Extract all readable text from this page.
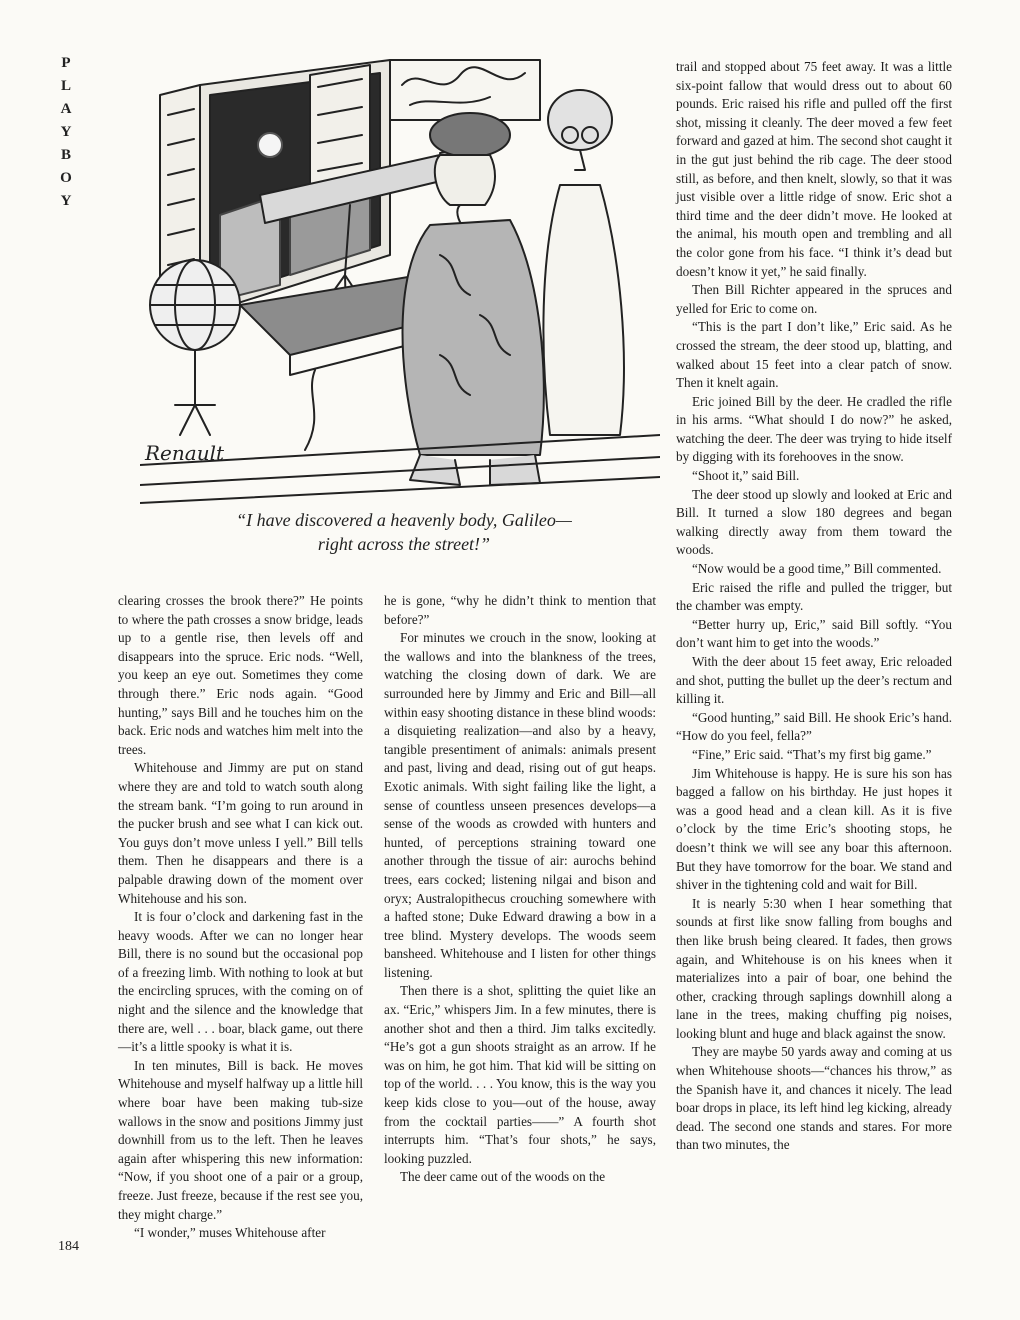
P
L
A
Y
B
O
Y
Renault
“I have discovered a heavenly body, Galileo—
right across the street!”

clearing crosses the brook there?” He points to where the path crosses a snow bridge, leads up to a gentle rise, then levels off and disappears into the spruce. Eric nods. “Well, you keep an eye out. Sometimes they come through there.” Eric nods again. “Good hunting,” says Bill and he touches him on the back. Eric nods and watches him melt into the trees.

Whitehouse and Jimmy are put on stand where they are and told to watch south along the stream bank. “I’m going to run around in the pucker brush and see what I can kick out. You guys don’t move unless I yell.” Bill tells them. Then he disappears and there is a palpable drawing down of the moment over Whitehouse and his son.

It is four o’clock and darkening fast in the heavy woods. After we can no longer hear Bill, there is no sound but the occasional pop of a freezing limb. With nothing to look at but the encircling spruces, with the coming on of night and the silence and the knowledge that there are, well . . . boar, black game, out there—it’s a little spooky is what it is.

In ten minutes, Bill is back. He moves Whitehouse and myself halfway up a little hill where boar have been making tub-size wallows in the snow and positions Jimmy just downhill from us to the left. Then he leaves again after whispering this new information: “Now, if you shoot one of a pair or a group, freeze. Just freeze, because if the rest see you, they might charge.”

“I wonder,” muses Whitehouse after

he is gone, “why he didn’t think to mention that before?”

For minutes we crouch in the snow, looking at the wallows and into the blankness of the trees, watching the closing down of dark. We are surrounded here by Jimmy and Eric and Bill—all within easy shooting distance in these blind woods: a disquieting realization—and also by a heavy, tangible presentiment of animals: animals present and past, living and dead, rising out of gut heaps. Exotic animals. With sight failing like the light, a sense of countless unseen presences develops—a sense of the woods as crowded with hunters and hunted, of perceptions straining toward one another through the tissue of air: aurochs behind trees, ears cocked; listening nilgai and bison and oryx; Australopithecus crouching somewhere with a hafted stone; Duke Edward drawing a bow in a tree blind. Mystery develops. The woods seem banshееd. Whitehouse and I listen for other things listening.

Then there is a shot, splitting the quiet like an ax. “Eric,” whispers Jim. In a few minutes, there is another shot and then a third. Jim talks excitedly. “He’s got a gun shoots straight as an arrow. If he was on him, he got him. That kid will be sitting on top of the world. . . . You know, this is the way you keep kids close to you—out of the house, away from the cocktail parties——” A fourth shot interrupts him. “That’s four shots,” he says, looking puzzled.

The deer came out of the woods on the

trail and stopped about 75 feet away. It was a little six-point fallow that would dress out to about 60 pounds. Eric raised his rifle and pulled off the first shot, missing it cleanly. The deer moved a few feet forward and gazed at him. The second shot caught it in the gut just behind the rib cage. The deer stood still, as before, and then knelt, slowly, so that it was just visible over a little ridge of snow. Eric shot a third time and the deer didn’t move. He looked at the animal, his mouth open and trembling and all the color gone from his face. “I think it’s dead but doesn’t know it yet,” he said finally.

Then Bill Richter appeared in the spruces and yelled for Eric to come on.

“This is the part I don’t like,” Eric said. As he crossed the stream, the deer stood up, blatting, and walked about 15 feet into a clear patch of snow. Then it knelt again.

Eric joined Bill by the deer. He cradled the rifle in his arms. “What should I do now?” he asked, watching the deer. The deer was trying to hide itself by digging with its forehooves in the snow.

“Shoot it,” said Bill.

The deer stood up slowly and looked at Eric and Bill. It turned a slow 180 degrees and began walking directly away from them toward the woods.

“Now would be a good time,” Bill commented.

Eric raised the rifle and pulled the trigger, but the chamber was empty.

“Better hurry up, Eric,” said Bill softly. “You don’t want him to get into the woods.”

With the deer about 15 feet away, Eric reloaded and shot, putting the bullet up the deer’s rectum and killing it.

“Good hunting,” said Bill. He shook Eric’s hand. “How do you feel, fella?”

“Fine,” Eric said. “That’s my first big game.”

Jim Whitehouse is happy. He is sure his son has bagged a fallow on his birthday. He just hopes it was a good head and a clean kill. As it is five o’clock by the time Eric’s shooting stops, he doesn’t think we will see any boar this afternoon. But they have tomorrow for the boar. We stand and shiver in the tightening cold and wait for Bill.

It is nearly 5:30 when I hear something that sounds at first like snow falling from boughs and then like brush being cleared. It fades, then grows again, and Whitehouse is on his knees when it materializes into a pair of boar, one behind the other, cracking through saplings downhill along a lane in the trees, making chuffing pig noises, looking blunt and huge and black against the snow.

They are maybe 50 yards away and coming at us when Whitehouse shoots—“chances his throw,” as the Spanish have it, and chances it nicely. The lead boar drops in place, its left hind leg kicking, already dead. The second one stands and stares. For more than two minutes, the

184
